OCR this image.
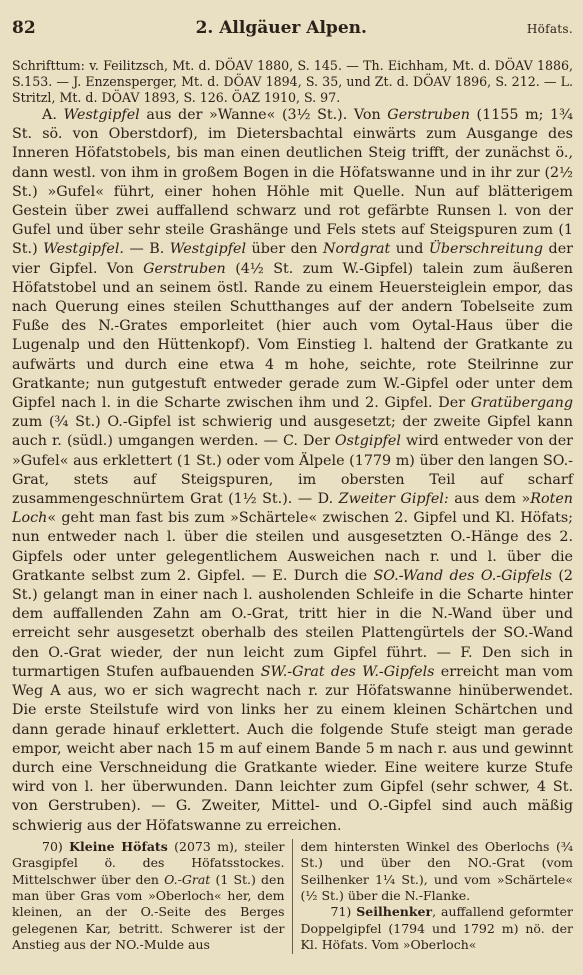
82	2. Allgäuer Alpen.	Höfats.

Schrifttum: v. Feilitzsch, Mt. d. DÖAV 1880, S. 145. — Th. Eichham, Mt. d. DÖAV 1886, S.153. — J. Enzensperger, Mt. d. DÖAV 1894, S. 35, und Zt. d. DÖAV 1896, S. 212. — L. Stritzl, Mt. d. DÖAV 1893, S. 126. ÖAZ 1910, S. 97.

A. Westgipfel aus der »Wanne« (3½ St.). Von Gerstruben (1155 m; 1¾ St. sö. von Oberstdorf), im Dietersbachtal einwärts zum Ausgange des Inneren Höfatstobels, bis man einen deutlichen Steig trifft, der zunächst ö., dann westl. von ihm in großem Bogen in die Höfatswanne und in ihr zur (2½ St.) »Gufel« führt, einer hohen Höhle mit Quelle. Nun auf blätterigem Gestein über zwei auffallend schwarz und rot gefärbte Runsen l. von der Gufel und über sehr steile Grashänge und Fels stets auf Steigspuren zum (1 St.) Westgipfel. — B. Westgipfel über den Nordgrat und Überschreitung der vier Gipfel. Von Gerstruben (4½ St. zum W.-Gipfel) talein zum äußeren Höfatstobel und an seinem östl. Rande zu einem Heuersteiglein empor, das nach Querung eines steilen Schutthanges auf der andern Tobelseite zum Fuße des N.-Grates emporleitet (hier auch vom Oytal-Haus über die Lugenalp und den Hüttenkopf). Vom Einstieg l. haltend der Gratkante zu aufwärts und durch eine etwa 4 m hohe, seichte, rote Steilrinne zur Gratkante; nun gutgestuft entweder gerade zum W.-Gipfel oder unter dem Gipfel nach l. in die Scharte zwischen ihm und 2. Gipfel. Der Gratübergang zum (¾ St.) O.-Gipfel ist schwierig und ausgesetzt; der zweite Gipfel kann auch r. (südl.) umgangen werden. — C. Der Ostgipfel wird entweder von der »Gufel« aus erklettert (1 St.) oder vom Älpele (1779 m) über den langen SO.-Grat, stets auf Steigspuren, im obersten Teil auf scharf zusammengeschnürtem Grat (1½ St.). — D. Zweiter Gipfel: aus dem »Roten Loch« geht man fast bis zum »Schärtele« zwischen 2. Gipfel und Kl. Höfats; nun entweder nach l. über die steilen und ausgesetzten O.-Hänge des 2. Gipfels oder unter gelegentlichem Ausweichen nach r. und l. über die Gratkante selbst zum 2. Gipfel. — E. Durch die SO.-Wand des O.-Gipfels (2 St.) gelangt man in einer nach l. ausholenden Schleife in die Scharte hinter dem auffallenden Zahn am O.-Grat, tritt hier in die N.-Wand über und erreicht sehr ausgesetzt oberhalb des steilen Plattengürtels der SO.-Wand den O.-Grat wieder, der nun leicht zum Gipfel führt. — F. Den sich in turmartigen Stufen aufbauenden SW.-Grat des W.-Gipfels erreicht man vom Weg A aus, wo er sich wagrecht nach r. zur Höfatswanne hinüberwendet. Die erste Steilstufe wird von links her zu einem kleinen Schärtchen und dann gerade hinauf erklettert. Auch die folgende Stufe steigt man gerade empor, weicht aber nach 15 m auf einem Bande 5 m nach r. aus und gewinnt durch eine Verschneidung die Gratkante wieder. Eine weitere kurze Stufe wird von l. her überwunden. Dann leichter zum Gipfel (sehr schwer, 4 St. von Gerstruben). — G. Zweiter, Mittel- und O.-Gipfel sind auch mäßig schwierig aus der Höfatswanne zu erreichen.

70) Kleine Höfats (2073 m), steiler Grasgipfel ö. des Höfatsstockes. Mittelschwer über den O.-Grat (1 St.) den man über Gras vom »Oberloch« her, dem kleinen, an der O.-Seite des Berges gelegenen Kar, betritt. Schwerer ist der Anstieg aus der NO.-Mulde aus

dem hintersten Winkel des Oberlochs (¾ St.) und über den NO.-Grat (vom Seilhenker 1¼ St.), und vom »Schärtele« (½ St.) über die N.-Flanke.

71) Seilhenker, auffallend geformter Doppelgipfel (1794 und 1792 m) nö. der Kl. Höfats. Vom »Oberloch«
